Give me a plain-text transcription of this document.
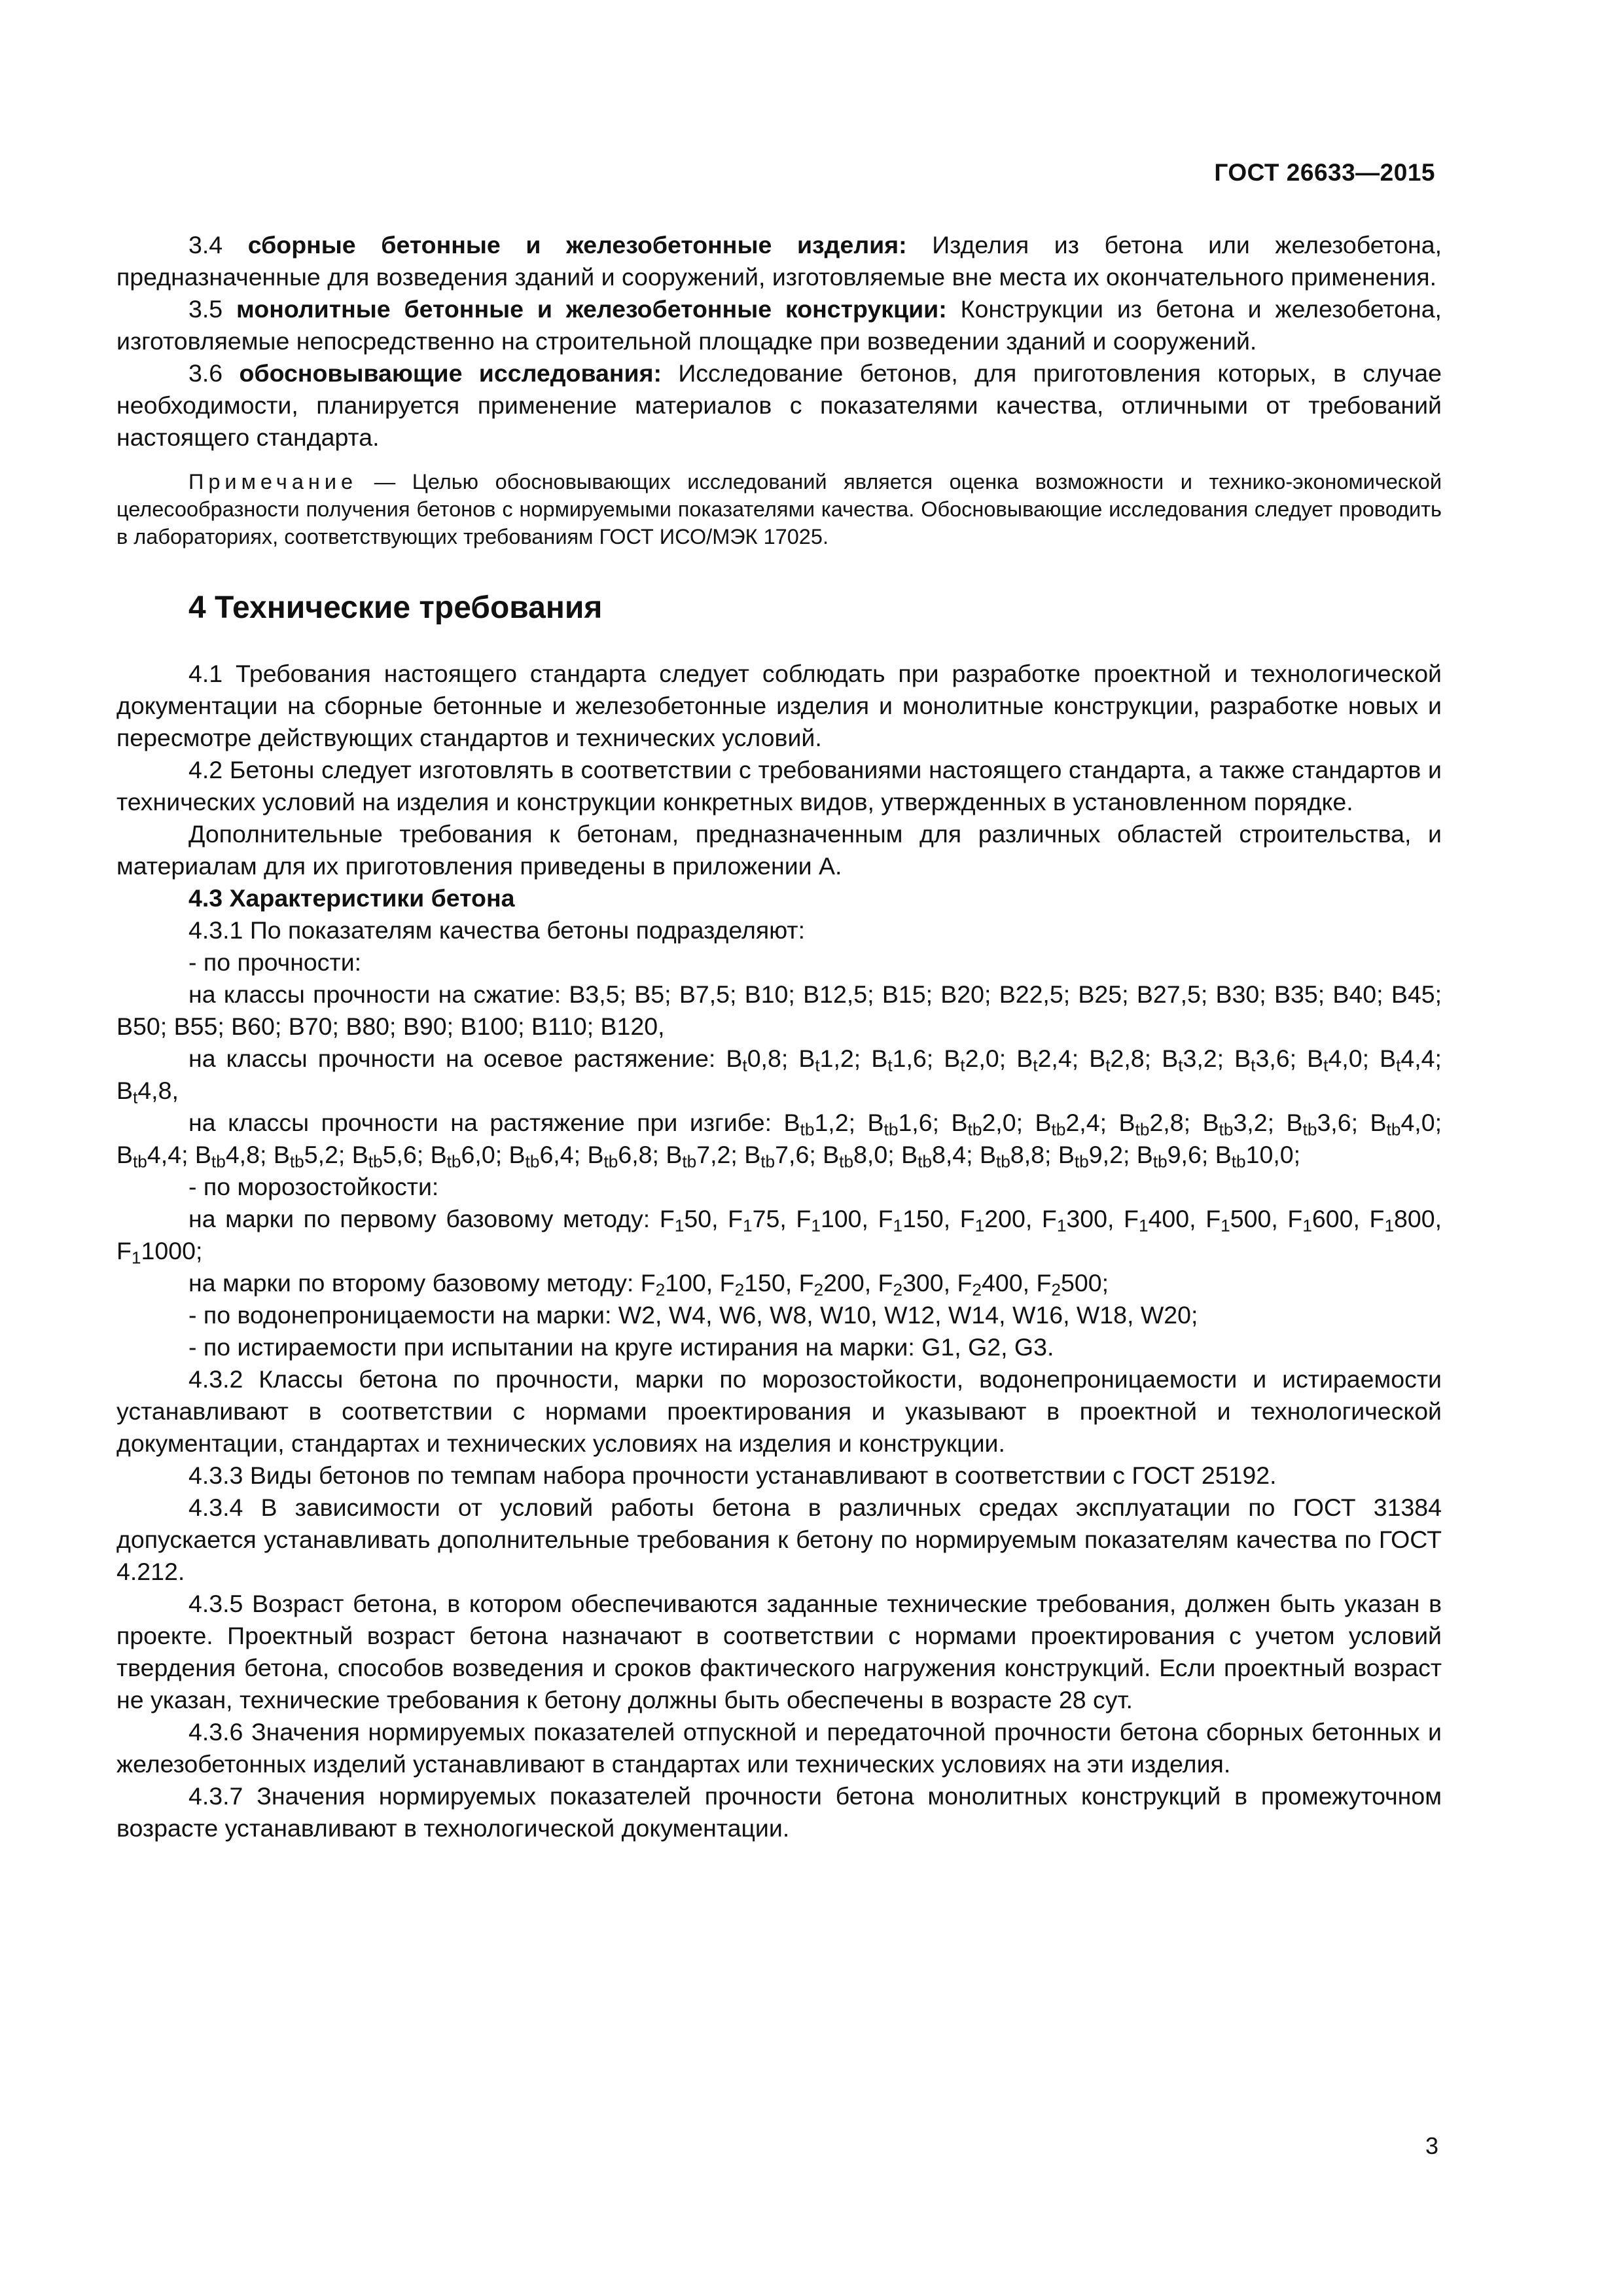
ГОСТ 26633—2015

3.4 сборные бетонные и железобетонные изделия: Изделия из бетона или железобетона, предназначенные для возведения зданий и сооружений, изготовляемые вне места их окончательного применения.

3.5 монолитные бетонные и железобетонные конструкции: Конструкции из бетона и железобетона, изготовляемые непосредственно на строительной площадке при возведении зданий и сооружений.

3.6 обосновывающие исследования: Исследование бетонов, для приготовления которых, в случае необходимости, планируется применение материалов с показателями качества, отличными от требований настоящего стандарта.

Примечание — Целью обосновывающих исследований является оценка возможности и технико-экономической целесообразности получения бетонов с нормируемыми показателями качества. Обосновывающие исследования следует проводить в лабораториях, соответствующих требованиям ГОСТ ИСО/МЭК 17025.

4 Технические требования

4.1 Требования настоящего стандарта следует соблюдать при разработке проектной и технологической документации на сборные бетонные и железобетонные изделия и монолитные конструкции, разработке новых и пересмотре действующих стандартов и технических условий.

4.2 Бетоны следует изготовлять в соответствии с требованиями настоящего стандарта, а также стандартов и технических условий на изделия и конструкции конкретных видов, утвержденных в установленном порядке.

Дополнительные требования к бетонам, предназначенным для различных областей строительства, и материалам для их приготовления приведены в приложении А.

4.3 Характеристики бетона

4.3.1 По показателям качества бетоны подразделяют:

- по прочности:

на классы прочности на сжатие: B3,5; B5; B7,5; B10; B12,5; B15; B20; B22,5; B25; B27,5; B30; B35; B40; B45; B50; B55; B60; B70; B80; B90; B100; B110; B120,

на классы прочности на осевое растяжение: $B_t0,8$; $B_t1,2$; $B_t1,6$; $B_t2,0$; $B_t2,4$; $B_t2,8$; $B_t3,2$; $B_t3,6$; $B_t4,0$; $B_t4,4$; $B_t4,8$,

на классы прочности на растяжение при изгибе: $B_{tb}1,2$; $B_{tb}1,6$; $B_{tb}2,0$; $B_{tb}2,4$; $B_{tb}2,8$; $B_{tb}3,2$; $B_{tb}3,6$; $B_{tb}4,0$; $B_{tb}4,4$; $B_{tb}4,8$; $B_{tb}5,2$; $B_{tb}5,6$; $B_{tb}6,0$; $B_{tb}6,4$; $B_{tb}6,8$; $B_{tb}7,2$; $B_{tb}7,6$; $B_{tb}8,0$; $B_{tb}8,4$; $B_{tb}8,8$; $B_{tb}9,2$; $B_{tb}9,6$; $B_{tb}10,0$;

- по морозостойкости:

на марки по первому базовому методу: $F_150$, $F_175$, $F_1100$, $F_1150$, $F_1200$, $F_1300$, $F_1400$, $F_1500$, $F_1600$, $F_1800$, $F_11000$;

на марки по второму базовому методу: $F_2100$, $F_2150$, $F_2200$, $F_2300$, $F_2400$, $F_2500$;

- по водонепроницаемости на марки: W2, W4, W6, W8, W10, W12, W14, W16, W18, W20;

- по истираемости при испытании на круге истирания на марки: G1, G2, G3.

4.3.2 Классы бетона по прочности, марки по морозостойкости, водонепроницаемости и истираемости устанавливают в соответствии с нормами проектирования и указывают в проектной и технологической документации, стандартах и технических условиях на изделия и конструкции.

4.3.3 Виды бетонов по темпам набора прочности устанавливают в соответствии с ГОСТ 25192.

4.3.4 В зависимости от условий работы бетона в различных средах эксплуатации по ГОСТ 31384 допускается устанавливать дополнительные требования к бетону по нормируемым показателям качества по ГОСТ 4.212.

4.3.5 Возраст бетона, в котором обеспечиваются заданные технические требования, должен быть указан в проекте. Проектный возраст бетона назначают в соответствии с нормами проектирования с учетом условий твердения бетона, способов возведения и сроков фактического нагружения конструкций. Если проектный возраст не указан, технические требования к бетону должны быть обеспечены в возрасте 28 сут.

4.3.6 Значения нормируемых показателей отпускной и передаточной прочности бетона сборных бетонных и железобетонных изделий устанавливают в стандартах или технических условиях на эти изделия.

4.3.7 Значения нормируемых показателей прочности бетона монолитных конструкций в промежуточном возрасте устанавливают в технологической документации.

3
